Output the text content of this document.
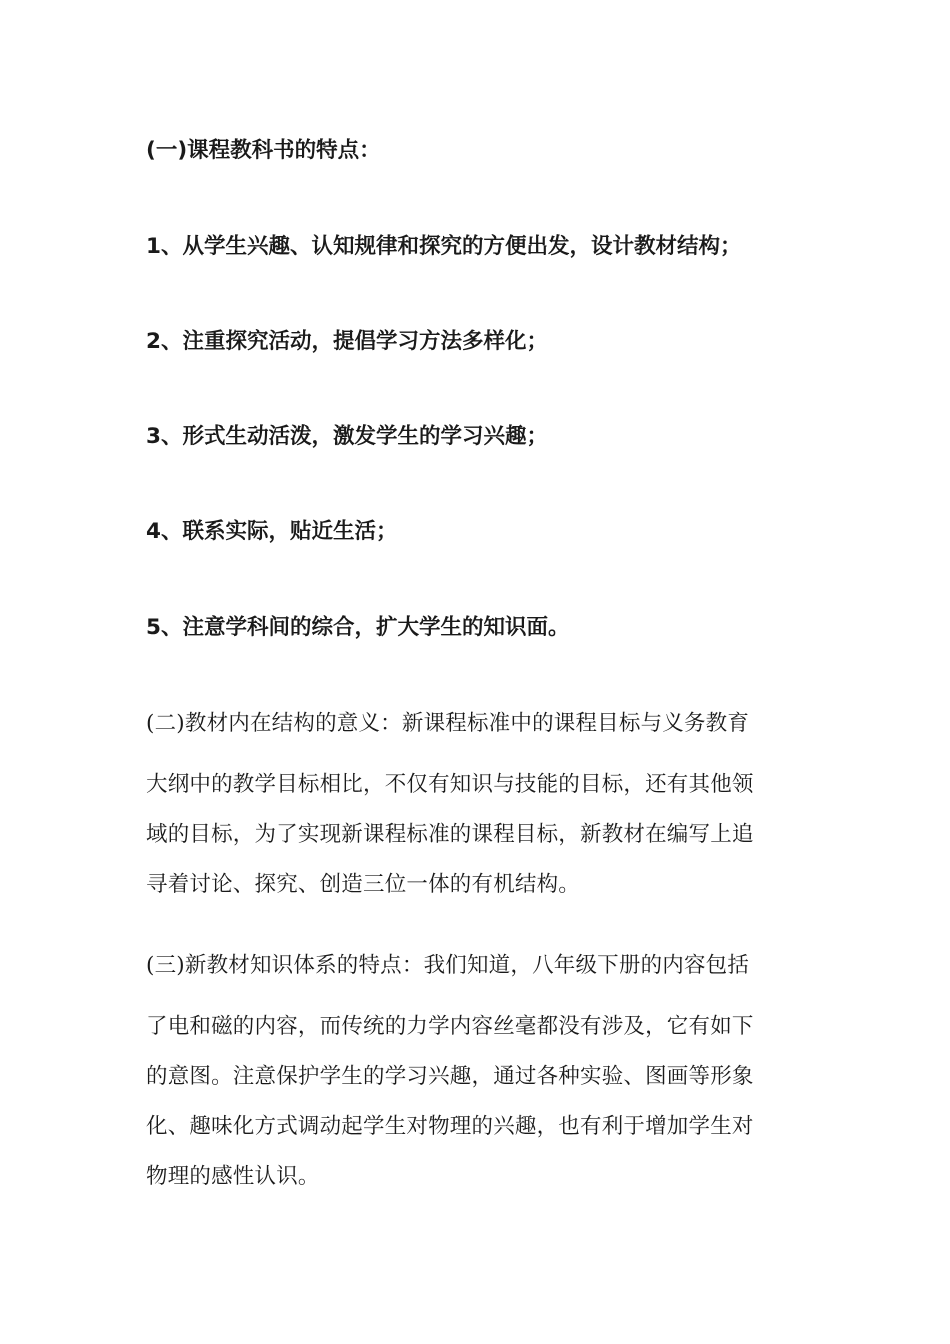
(一)课程教科书的特点：
1、从学生兴趣、认知规律和探究的方便出发，设计教材结构；
2、注重探究活动，提倡学习方法多样化；
3、形式生动活泼，激发学生的学习兴趣；
4、联系实际，贴近生活；
5、注意学科间的综合，扩大学生的知识面。
(二)教材内在结构的意义：新课程标准中的课程目标与义务教育
大纲中的教学目标相比，不仅有知识与技能的目标，还有其他领
域的目标，为了实现新课程标准的课程目标，新教材在编写上追
寻着讨论、探究、创造三位一体的有机结构。
(三)新教材知识体系的特点：我们知道，八年级下册的内容包括
了电和磁的内容，而传统的力学内容丝毫都没有涉及，它有如下
的意图。注意保护学生的学习兴趣，通过各种实验、图画等形象
化、趣味化方式调动起学生对物理的兴趣，也有利于增加学生对
物理的感性认识。
